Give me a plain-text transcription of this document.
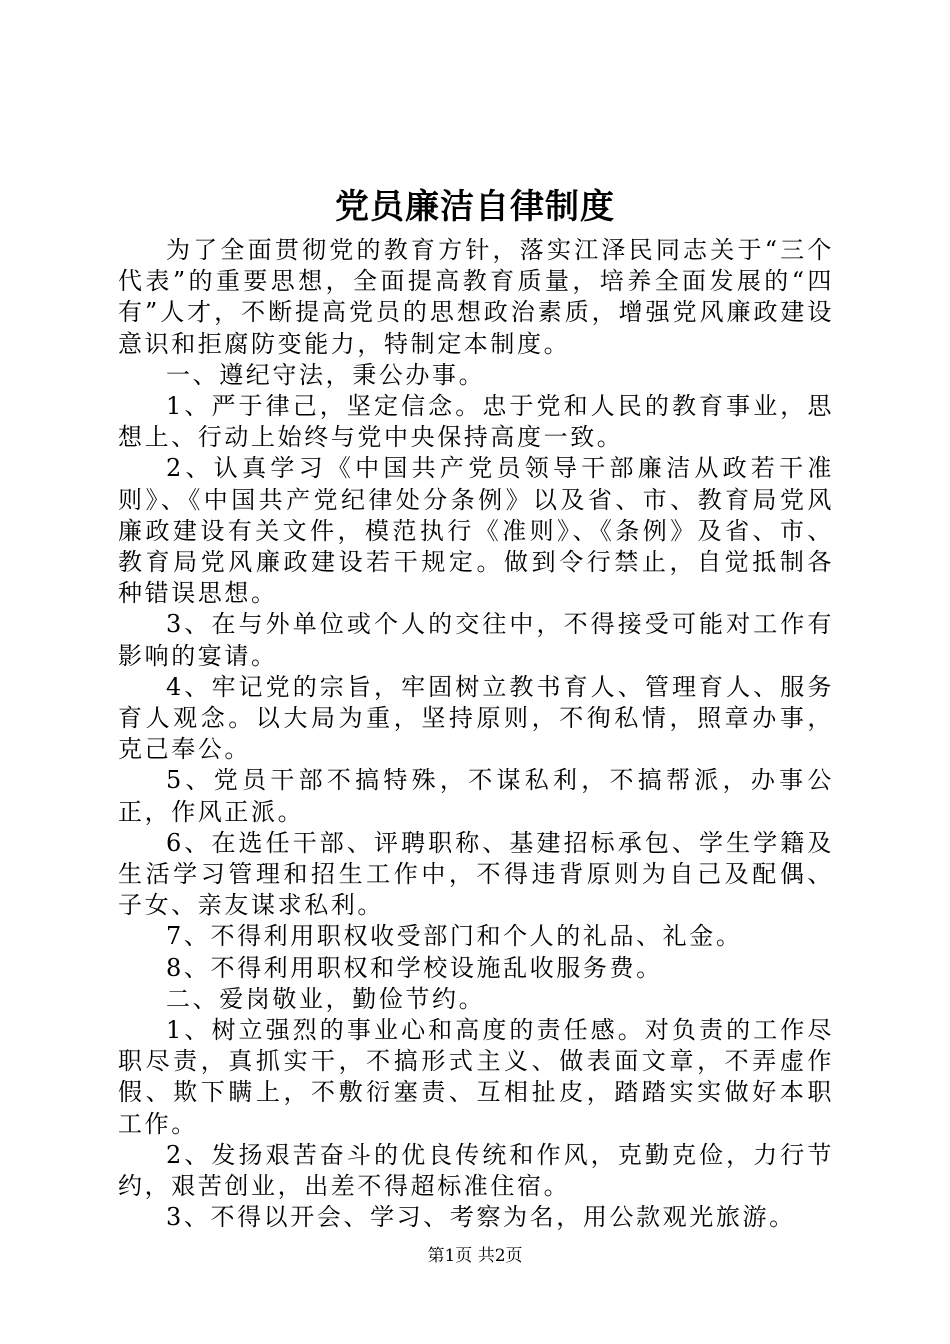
党员廉洁自律制度

为了全面贯彻党的教育方针，落实江泽民同志关于“三个代表”的重要思想，全面提高教育质量，培养全面发展的“四有”人才，不断提高党员的思想政治素质，增强党风廉政建设意识和拒腐防变能力，特制定本制度。

一、遵纪守法，秉公办事。

1、严于律己，坚定信念。忠于党和人民的教育事业，思想上、行动上始终与党中央保持高度一致。

2、认真学习《中国共产党员领导干部廉洁从政若干准则》、《中国共产党纪律处分条例》以及省、市、教育局党风廉政建设有关文件，模范执行《准则》、《条例》及省、市、教育局党风廉政建设若干规定。做到令行禁止，自觉抵制各种错误思想。

3、在与外单位或个人的交往中，不得接受可能对工作有影响的宴请。

4、牢记党的宗旨，牢固树立教书育人、管理育人、服务育人观念。以大局为重，坚持原则，不徇私情，照章办事，克己奉公。

5、党员干部不搞特殊，不谋私利，不搞帮派，办事公正，作风正派。

6、在选任干部、评聘职称、基建招标承包、学生学籍及生活学习管理和招生工作中，不得违背原则为自己及配偶、子女、亲友谋求私利。

7、不得利用职权收受部门和个人的礼品、礼金。

8、不得利用职权和学校设施乱收服务费。

二、爱岗敬业，勤俭节约。

1、树立强烈的事业心和高度的责任感。对负责的工作尽职尽责，真抓实干，不搞形式主义、做表面文章，不弄虚作假、欺下瞒上，不敷衍塞责、互相扯皮，踏踏实实做好本职工作。

2、发扬艰苦奋斗的优良传统和作风，克勤克俭，力行节约，艰苦创业，出差不得超标准住宿。

3、不得以开会、学习、考察为名，用公款观光旅游。

第1页 共2页
